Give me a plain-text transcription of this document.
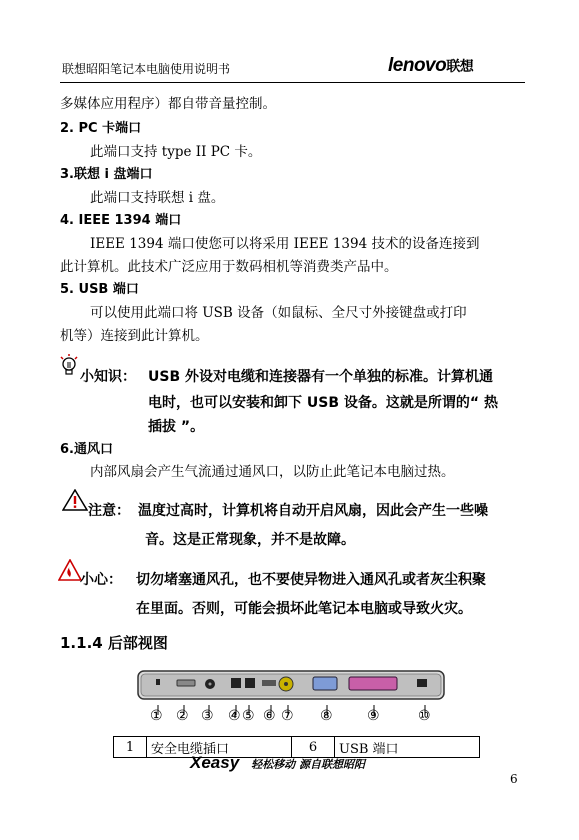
联想昭阳笔记本电脑使用说明书	lenovo联想
多媒体应用程序）都自带音量控制。
2. PC 卡端口
此端口支持 type II PC 卡。
3.联想 i 盘端口
此端口支持联想 i 盘。
4. IEEE 1394 端口
IEEE 1394 端口使您可以将采用 IEEE 1394 技术的设备连接到
此计算机。此技术广泛应用于数码相机等消费类产品中。
5. USB 端口
可以使用此端口将 USB 设备（如鼠标、全尺寸外接键盘或打印
机等）连接到此计算机。
小知识： USB 外设对电缆和连接器有一个单独的标准。计算机通
电时，也可以安装和卸下 USB 设备。这就是所谓的“ 热
插拔 ”。
6.通风口
内部风扇会产生气流通过通风口，以防止此笔记本电脑过热。
注意： 温度过高时，计算机将自动开启风扇，因此会产生一些噪
音。这是正常现象，并不是故障。
小心： 切勿堵塞通风孔，也不要使异物进入通风孔或者灰尘积聚
在里面。否则，可能会损坏此笔记本电脑或导致火灾。
1.1.4 后部视图
① ② ③ ④ ⑤ ⑥ ⑦ ⑧ ⑨	⑩
1	安全电缆插口	6	USB 端口
Xeasy 轻松移动 源自联想昭阳
6
